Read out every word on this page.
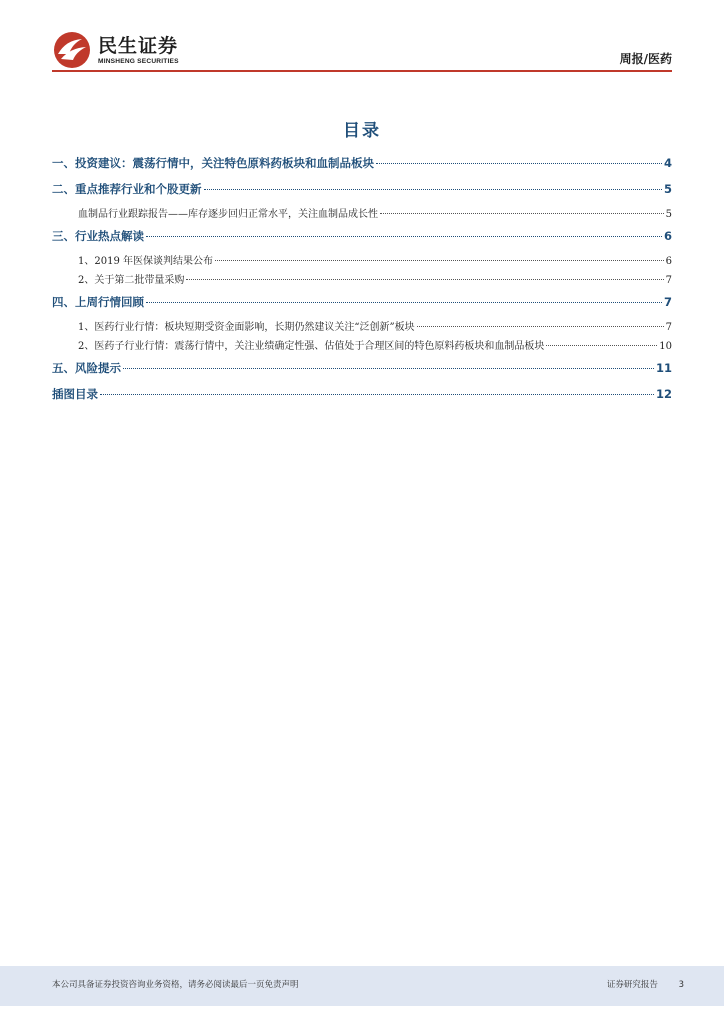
民生证券
MINSHENG SECURITIES	周报/医药
目录
一、投资建议：震荡行情中，关注特色原料药板块和血制品板块	4
二、重点推荐行业和个股更新	5
血制品行业跟踪报告——库存逐步回归正常水平，关注血制品成长性	5
三、行业热点解读	6
1、2019 年医保谈判结果公布	6
2、关于第二批带量采购	7
四、上周行情回顾	7
1、医药行业行情：板块短期受资金面影响，长期仍然建议关注“泛创新”板块	7
2、医药子行业行情：震荡行情中，关注业绩确定性强、估值处于合理区间的特色原料药板块和血制品板块	10
五、风险提示	11
插图目录	12
本公司具备证券投资咨询业务资格，请务必阅读最后一页免责声明	证券研究报告 3
